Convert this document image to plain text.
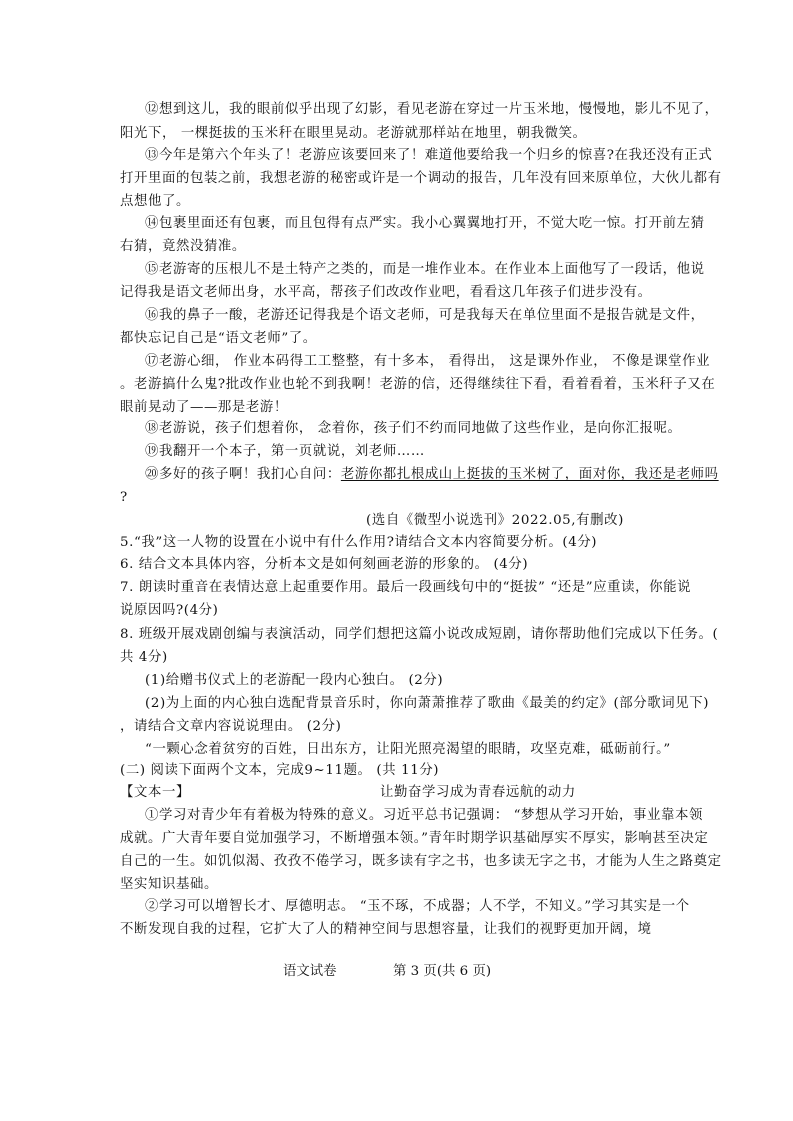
⑫想到这儿，我的眼前似乎出现了幻影，看见老游在穿过一片玉米地，慢慢地，影儿不见了，
阳光下， 一棵挺拔的玉米秆在眼里晃动。老游就那样站在地里，朝我微笑。
⑬今年是第六个年头了！老游应该要回来了！难道他要给我一个归乡的惊喜?在我还没有正式
打开里面的包装之前，我想老游的秘密或许是一个调动的报告，几年没有回来原单位，大伙儿都有
点想他了。
⑭包裹里面还有包裹，而且包得有点严实。我小心翼翼地打开，不觉大吃一惊。打开前左猜
右猜，竟然没猜准。
⑮老游寄的压根儿不是土特产之类的，而是一堆作业本。在作业本上面他写了一段话，他说
记得我是语文老师出身，水平高，帮孩子们改改作业吧，看看这几年孩子们进步没有。
⑯我的鼻子一酸，老游还记得我是个语文老师，可是我每天在单位里面不是报告就是文件，
都快忘记自己是“语文老师”了。
⑰老游心细， 作业本码得工工整整，有十多本， 看得出， 这是课外作业， 不像是课堂作业
。老游搞什么鬼?批改作业也轮不到我啊！老游的信，还得继续往下看，看着看着，玉米秆子又在
眼前晃动了——那是老游！
⑱老游说，孩子们想着你， 念着你，孩子们不约而同地做了这些作业，是向你汇报呢。
⑲我翻开一个本子，第一页就说，刘老师……
⑳多好的孩子啊！我扪心自问：老游你都扎根成山上挺拔的玉米树了，面对你，我还是老师吗
?
(选自《微型小说选刊》2022.05,有删改)
5.“我”这一人物的设置在小说中有什么作用?请结合文本内容简要分析。(4分)
6. 结合文本具体内容，分析本文是如何刻画老游的形象的。 (4分)
7. 朗读时重音在表情达意上起重要作用。最后一段画线句中的“挺拔” “还是”应重读，你能说
说原因吗?(4分)
8. 班级开展戏剧创编与表演活动，同学们想把这篇小说改成短剧，请你帮助他们完成以下任务。(
共 4分)
(1)给赠书仪式上的老游配一段内心独白。 (2分)
(2)为上面的内心独白选配背景音乐时，你向萧萧推荐了歌曲《最美的约定》(部分歌词见下)
，请结合文章内容说说理由。 (2分)
“一颗心念着贫穷的百姓，日出东方，让阳光照亮渴望的眼睛，攻坚克难，砥砺前行。”
(二) 阅读下面两个文本，完成9~11题。 (共 11分)
【文本一】	让勤奋学习成为青春远航的动力
①学习对青少年有着极为特殊的意义。习近平总书记强调： “梦想从学习开始，事业靠本领
成就。广大青年要自觉加强学习，不断增强本领。”青年时期学识基础厚实不厚实，影响甚至决定
自己的一生。如饥似渴、孜孜不倦学习，既多读有字之书，也多读无字之书，才能为人生之路奠定
坚实知识基础。
②学习可以增智长才、厚德明志。 “玉不琢，不成器；人不学，不知义。”学习其实是一个
不断发现自我的过程，它扩大了人的精神空间与思想容量，让我们的视野更加开阔，境
语文试卷	第 3 页(共 6 页)
